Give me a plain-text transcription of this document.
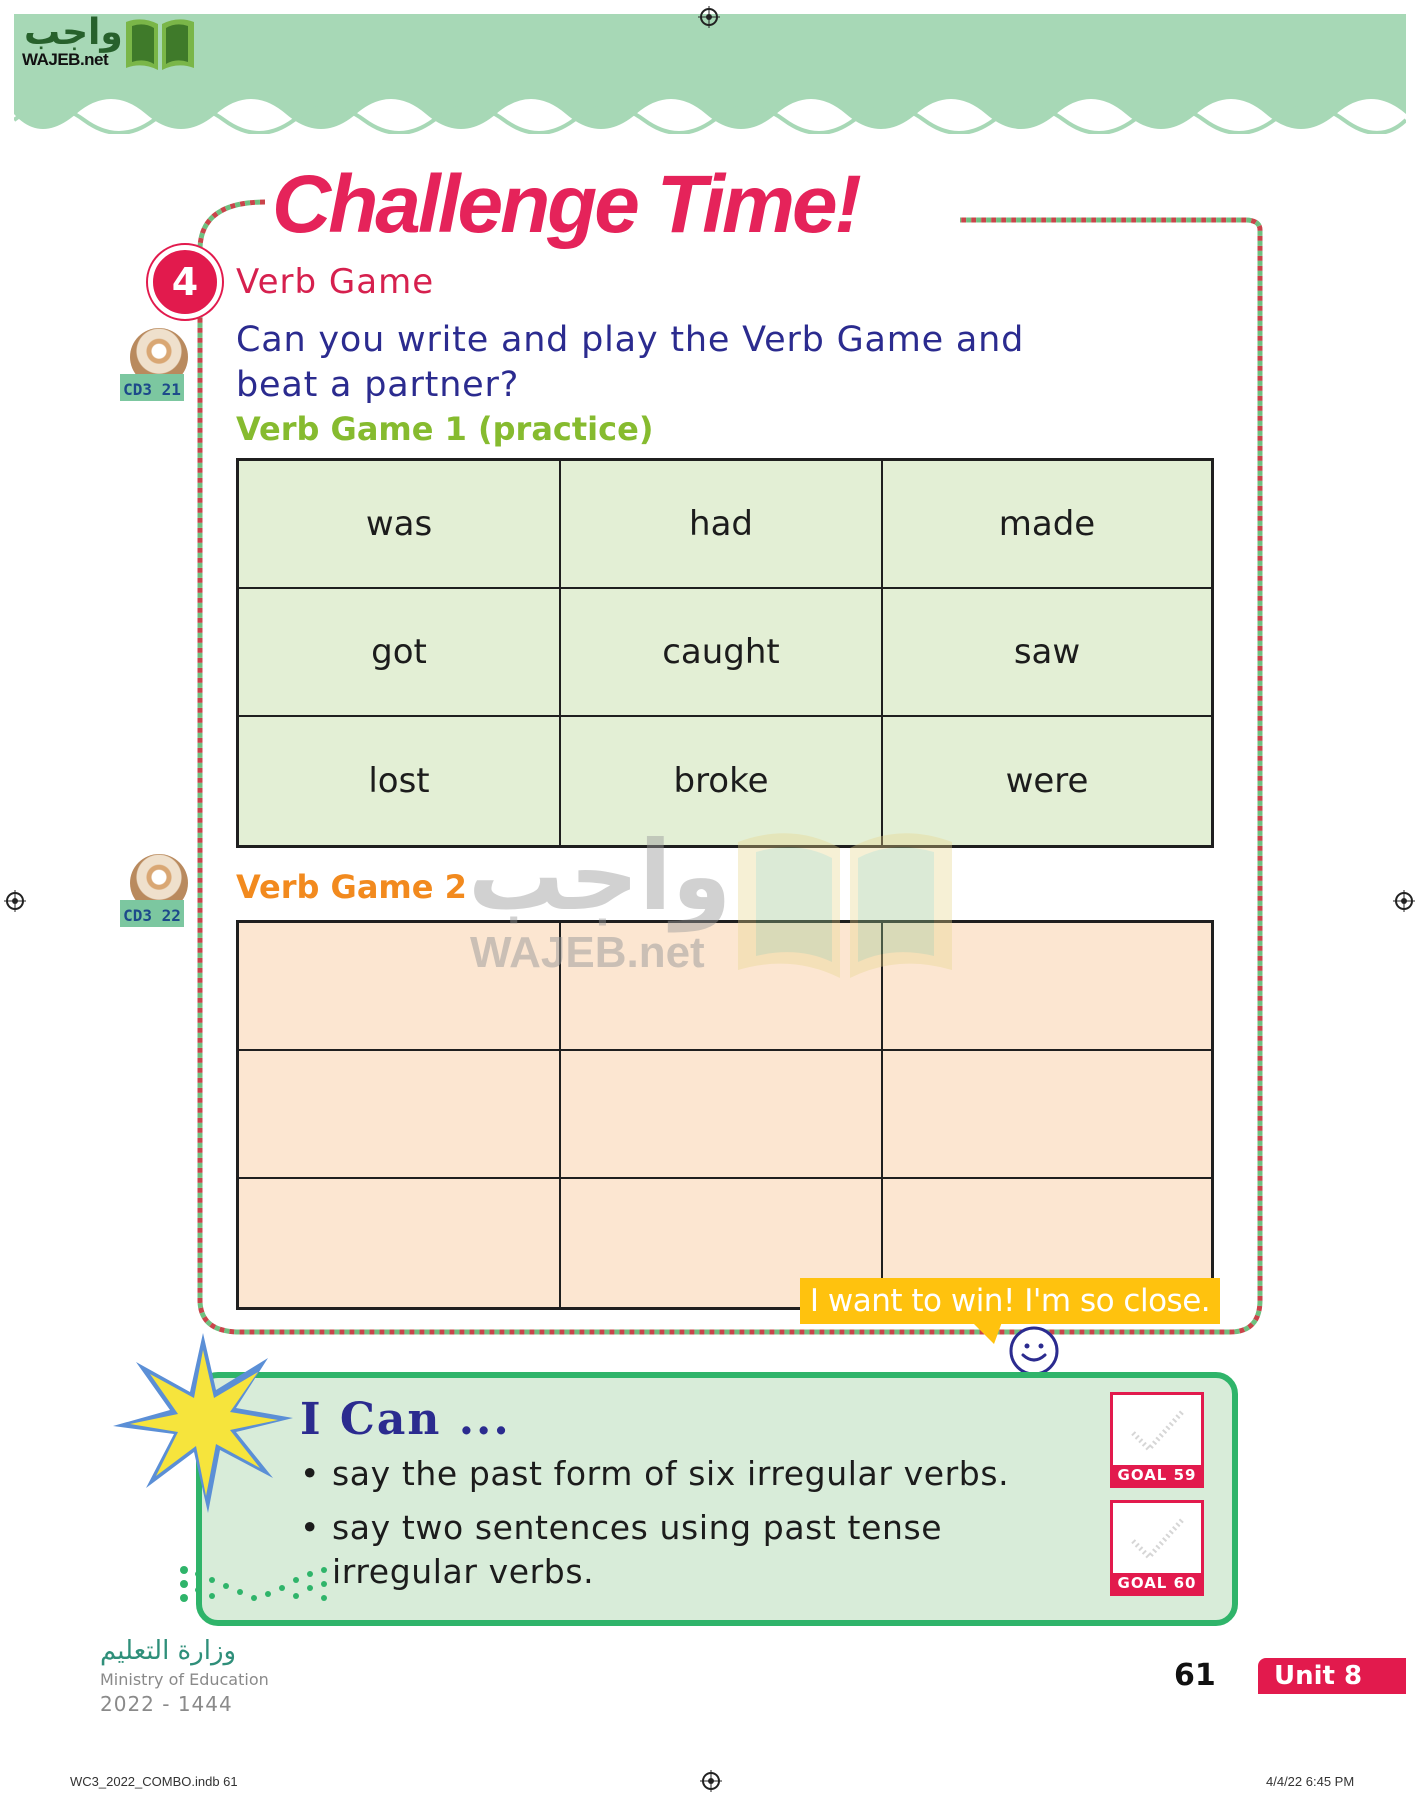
واجب
WAJEB.net
Challenge Time!
4	Verb Game
Can you write and play the Verb Game and beat a partner?
CD3 21
CD3 22
Verb Game 1 (practice)
was	had	made
got	caught	saw
lost	broke	were
Verb Game 2 واجب
WAJEB.net
I want to win! I'm so close.
I Can ...
• say the past form of six irregular verbs.
• say two sentences using past tense irregular verbs.
GOAL 59
GOAL 60
وزارة التعليم
Ministry of Education
2022 - 1444
61	Unit 8
WC3_2022_COMBO.indb 61	4/4/22 6:45 PM
